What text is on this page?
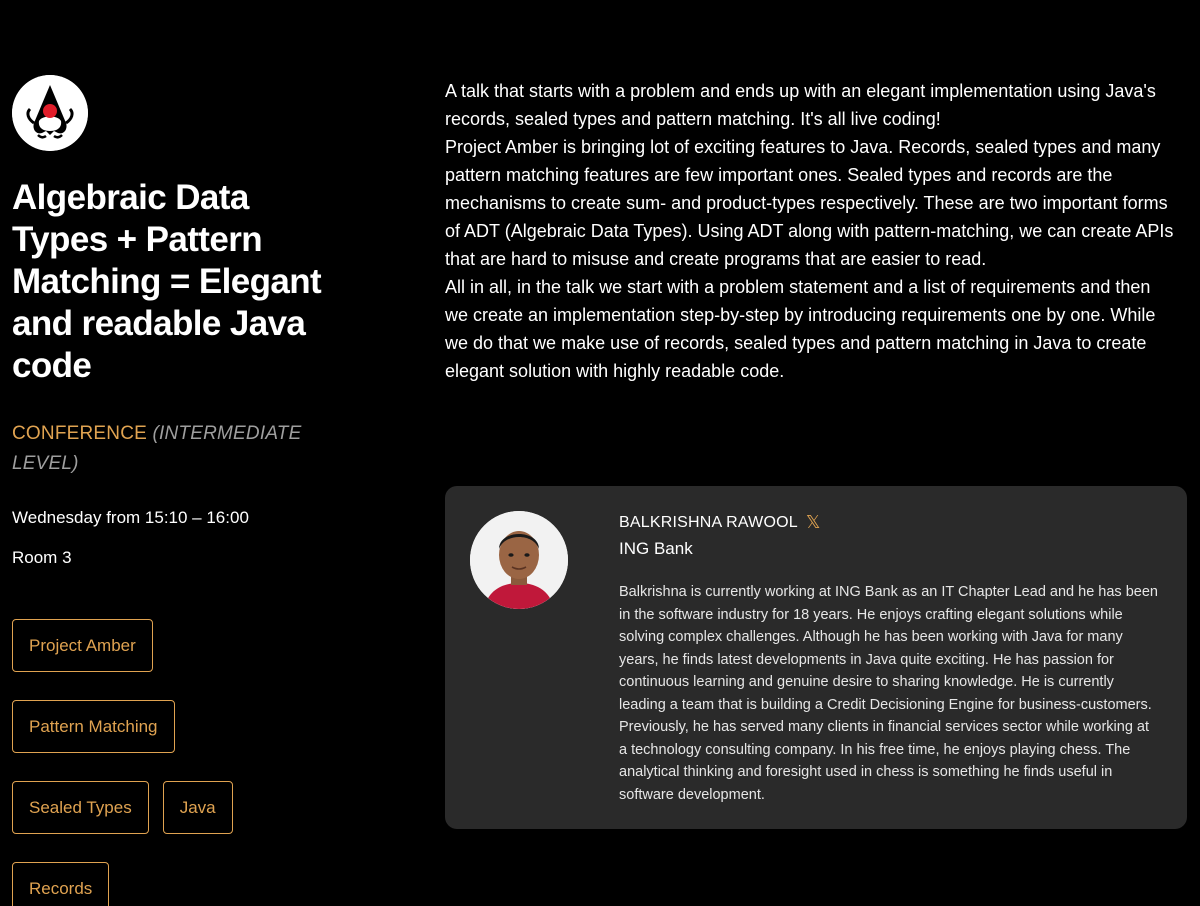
Algebraic Data Types + Pattern Matching = Elegant and readable Java code
CONFERENCE (INTERMEDIATE LEVEL)
Wednesday from 15:10 – 16:00
Room 3
Project Amber
Pattern Matching
Sealed Types	Java
Records

A talk that starts with a problem and ends up with an elegant implementation using Java's records, sealed types and pattern matching. It's all live coding!

Project Amber is bringing lot of exciting features to Java. Records, sealed types and many pattern matching features are few important ones. Sealed types and records are the mechanisms to create sum- and product-types respectively. These are two important forms of ADT (Algebraic Data Types). Using ADT along with pattern-matching, we can create APIs that are hard to misuse and create programs that are easier to read.

All in all, in the talk we start with a problem statement and a list of requirements and then we create an implementation step-by-step by introducing requirements one by one. While we do that we make use of records, sealed types and pattern matching in Java to create elegant solution with highly readable code.

BALKRISHNA RAWOOL 𝕏
ING Bank

Balkrishna is currently working at ING Bank as an IT Chapter Lead and he has been in the software industry for 18 years. He enjoys crafting elegant solutions while solving complex challenges. Although he has been working with Java for many years, he finds latest developments in Java quite exciting. He has passion for continuous learning and genuine desire to sharing knowledge. He is currently leading a team that is building a Credit Decisioning Engine for business-customers. Previously, he has served many clients in financial services sector while working at a technology consulting company. In his free time, he enjoys playing chess. The analytical thinking and foresight used in chess is something he finds useful in software development.
